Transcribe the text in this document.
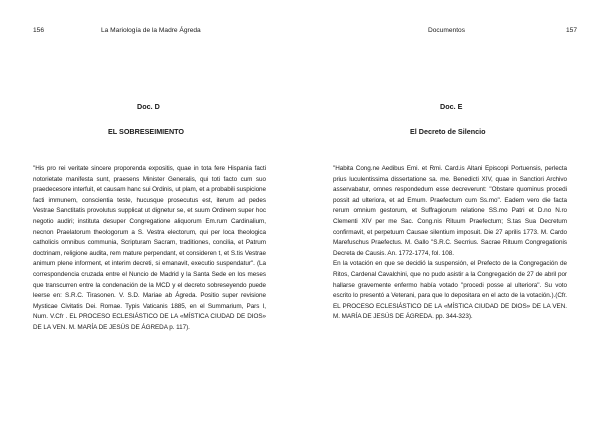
156	La Mariología de la Madre Ágreda
Doc. D
EL SOBRESEIMIENTO

"His pro rei veritate sincere proporenda expositis, quae in tota fere Hispania facti notorietate manifesta sunt, praesens Minister Generalis, qui toti facto cum suo praedecesore interfuit, et causam hanc sui Ordinis, ut plam, et a probabili suspicione facti immunem, conscientia teste, hucusque prosecutus est, iterum ad pedes Vestrae Sanctitatis provolutus supplicat ut dignetur se, et suum Ordinem super hoc negotio audiri; instituta desuper Congregatione aliquorum Em.rum Cardinalium, necnon Praelatorum theologorum a S. Vestra electorum, qui per loca theologica catholicis omnibus communia, Scripturam Sacram, traditiones, concilia, et Patrum doctrinam, religione audita, rem mature perpendant, et consideren t, et S.tis Vestrae animum plene informent, et interim decreti, si emanavit, executio suspendatur". (La correspondencia cruzada entre el Nuncio de Madrid y la Santa Sede en los meses que transcurren entre la condenación de la MCD y el decreto sobreseyendo puede leerse en: S.R.C. Tirasonen. V. S.D. Mariae ab Ágreda. Positio super revisione Mysticae Civitatis Dei. Romae. Typis Vaticanis 1885, en el Summarium, Pars I, Num. V.Cfr . EL PROCESO ECLESIÁSTICO DE LA «MÍSTICA CIUDAD DE DIOS» DE LA VEN. M. MARÍA DE JESÚS DE ÁGREDA p. 117).

Documentos	157
Doc. E
El Decreto de Silencio

"Habita Cong.ne Aedibus Emi. et Rmi. Card.is Altani Episcopi Portuensis, perlecta prius luculentissima dissertatione sa. me. Benedicti XIV, quae in Sanctiori Archivo asservabatur, omnes respondedum esse decreverunt: "Obstare quominus procedi possit ad ulteriora, et ad Emum. Praefectum cum Ss.mo". Eadem vero die facta rerum omnium gestorum, et Suffragiorum relatione SS.mo Patri et D.no N.ro Clementi XIV per me Sac. Cong.nis Rituum Praefectum; S.tas Sua Decretum confirmavit, et perpetuum Causae silentium imposuit. Die 27 aprilis 1773. M. Cardo Marefuschus Praefectus. M. Gallo "S.R.C. Secrrius. Sacrae Rituum Congregationis Decreta de Causis. An. 1772-1774, fol. 108.

En la votación en que se decidió la suspensión, el Prefecto de la Congregación de Ritos, Cardenal Cavalchini, que no pudo asistir a la Congregación de 27 de abril por hallarse gravemente enfermo había votado "procedi posse al ulteriora". Su voto escrito lo presentó a Veterani, para que lo depositara en el acto de la votación.).(Cfr. EL PROCESO ECLESIÁSTICO DE LA «MÍSTICA CIUDAD DE DIOS» DE LA VEN. M. MARÍA DE JESÚS DE ÁGREDA. pp. 344-323).
